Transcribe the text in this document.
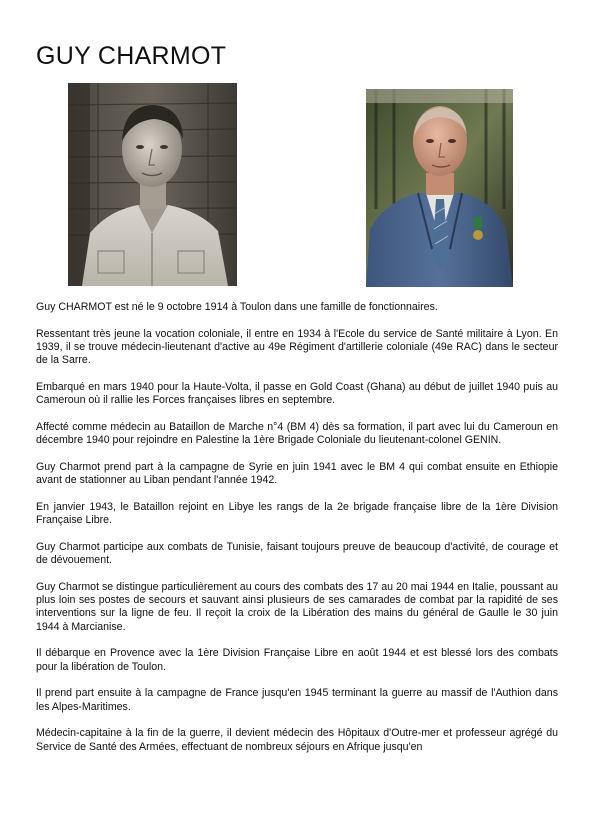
GUY CHARMOT

Guy CHARMOT est né le 9 octobre 1914 à Toulon dans une famille de fonctionnaires.

Ressentant très jeune la vocation coloniale, il entre en 1934 à l'Ecole du service de Santé militaire à Lyon. En 1939, il se trouve médecin-lieutenant d'active au 49e Régiment d'artillerie coloniale (49e RAC) dans le secteur de la Sarre.

Embarqué en mars 1940 pour la Haute-Volta, il passe en Gold Coast (Ghana) au début de juillet 1940 puis au Cameroun où il rallie les Forces françaises libres en septembre.

Affecté comme médecin au Bataillon de Marche n°4 (BM 4) dès sa formation, il part avec lui du Cameroun en décembre 1940 pour rejoindre en Palestine la 1ère Brigade Coloniale du lieutenant-colonel GENIN.

Guy Charmot prend part à la campagne de Syrie en juin 1941 avec le BM 4 qui combat ensuite en Ethiopie avant de stationner au Liban pendant l'année 1942.

En janvier 1943, le Bataillon rejoint en Libye les rangs de la 2e brigade française libre de la 1ère Division Française Libre.

Guy Charmot participe aux combats de Tunisie, faisant toujours preuve de beaucoup d'activité, de courage et de dévouement.

Guy Charmot se distingue particulièrement au cours des combats des 17 au 20 mai 1944 en Italie, poussant au plus loin ses postes de secours et sauvant ainsi plusieurs de ses camarades de combat par la rapidité de ses interventions sur la ligne de feu. Il reçoit la croix de la Libération des mains du général de Gaulle le 30 juin 1944 à Marcianise.

Il débarque en Provence avec la 1ère Division Française Libre en août 1944 et est blessé lors des combats pour la libération de Toulon.

Il prend part ensuite à la campagne de France jusqu'en 1945 terminant la guerre au massif de l'Authion dans les Alpes-Maritimes.

Médecin-capitaine à la fin de la guerre, il devient médecin des Hôpitaux d'Outre-mer et professeur agrégé du Service de Santé des Armées, effectuant de nombreux séjours en Afrique jusqu'en
